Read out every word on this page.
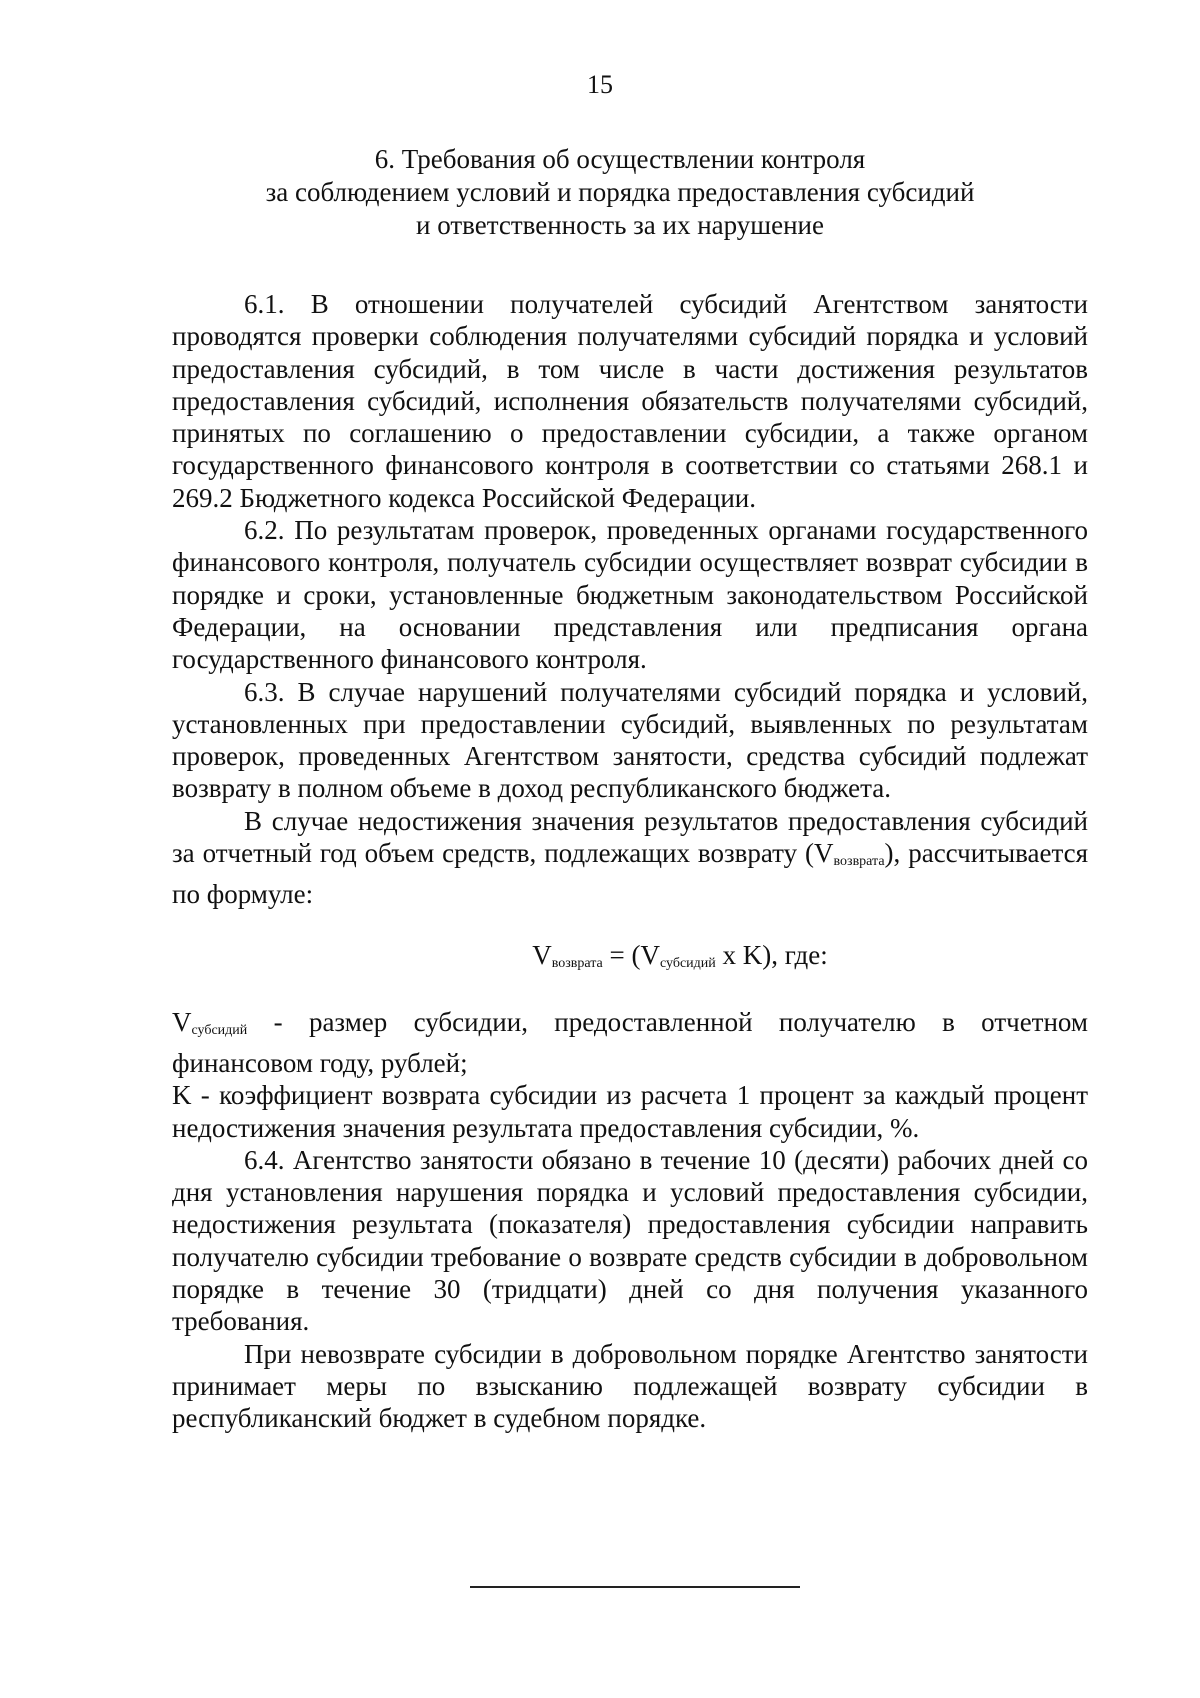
15
6. Требования об осуществлении контроля
за соблюдением условий и порядка предоставления субсидий
и ответственность за их нарушение

6.1. В отношении получателей субсидий Агентством занятости проводятся проверки соблюдения получателями субсидий порядка и условий предоставления субсидий, в том числе в части достижения результатов предоставления субсидий, исполнения обязательств получателями субсидий, принятых по соглашению о предоставлении субсидии, а также органом государственного финансового контроля в соответствии со статьями 268.1 и 269.2 Бюджетного кодекса Российской Федерации.

6.2. По результатам проверок, проведенных органами государственного финансового контроля, получатель субсидии осуществляет возврат субсидии в порядке и сроки, установленные бюджетным законодательством Российской Федерации, на основании представления или предписания органа государственного финансового контроля.

6.3. В случае нарушений получателями субсидий порядка и условий, установленных при предоставлении субсидий, выявленных по результатам проверок, проведенных Агентством занятости, средства субсидий подлежат возврату в полном объеме в доход республиканского бюджета.

В случае недостижения значения результатов предоставления субсидий за отчетный год объем средств, подлежащих возврату $(V_{возврата})$, рассчитывается по формуле:

$V_{возврата} = (V_{субсидий}$ x K), где:

$V_{субсидий}$ - размер субсидии, предоставленной получателю в отчетном финансовом году, рублей;

K - коэффициент возврата субсидии из расчета 1 процент за каждый процент недостижения значения результата предоставления субсидии, %.

6.4. Агентство занятости обязано в течение 10 (десяти) рабочих дней со дня установления нарушения порядка и условий предоставления субсидии, недостижения результата (показателя) предоставления субсидии направить получателю субсидии требование о возврате средств субсидии в добровольном порядке в течение 30 (тридцати) дней со дня получения указанного требования.

При невозврате субсидии в добровольном порядке Агентство занятости принимает меры по взысканию подлежащей возврату субсидии в республиканский бюджет в судебном порядке.
